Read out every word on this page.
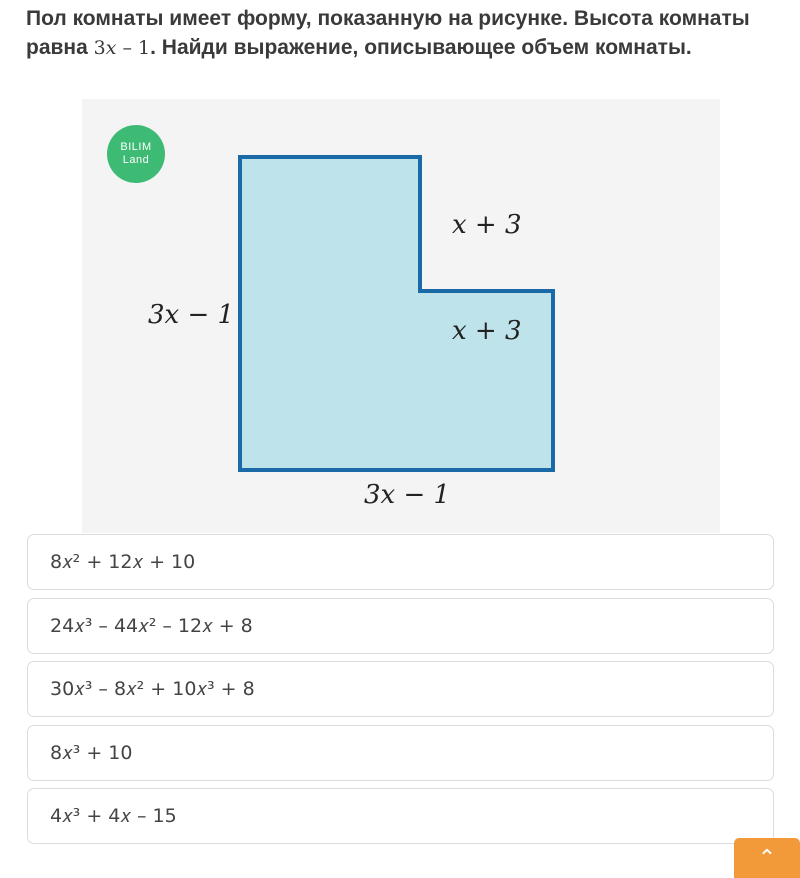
Пол комнаты имеет форму, показанную на рисунке. Высота комнаты равна 3𝑥 – 1. Найди выражение, описывающее объем комнаты.

BILIM
Land
x + 3
x + 3
3x − 1
3x − 1
8𝑥² + 12𝑥 + 10
24𝑥³ – 44𝑥² – 12𝑥 + 8
30𝑥³ – 8𝑥² + 10𝑥³ + 8
8𝑥³ + 10
4𝑥³ + 4𝑥 – 15
⌃
